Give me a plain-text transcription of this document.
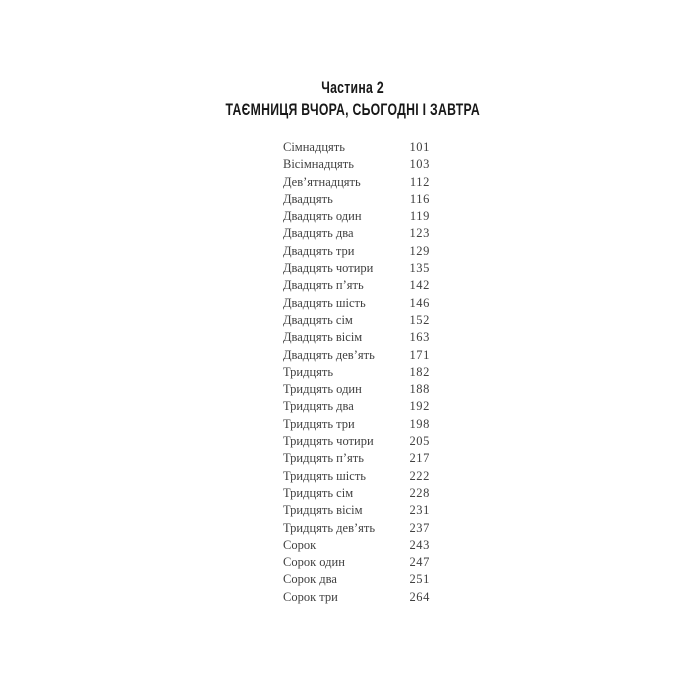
Частина 2
ТАЄМНИЦЯ ВЧОРА, СЬОГОДНІ І ЗАВТРА
Сімнадцять	101
Вісімнадцять	103
Дев’ятнадцять	112
Двадцять	116
Двадцять один	119
Двадцять два	123
Двадцять три	129
Двадцять чотири	135
Двадцять п’ять	142
Двадцять шість	146
Двадцять сім	152
Двадцять вісім	163
Двадцять дев’ять	171
Тридцять	182
Тридцять один	188
Тридцять два	192
Тридцять три	198
Тридцять чотири	205
Тридцять п’ять	217
Тридцять шість	222
Тридцять сім	228
Тридцять вісім	231
Тридцять дев’ять	237
Сорок	243
Сорок один	247
Сорок два	251
Сорок три	264
